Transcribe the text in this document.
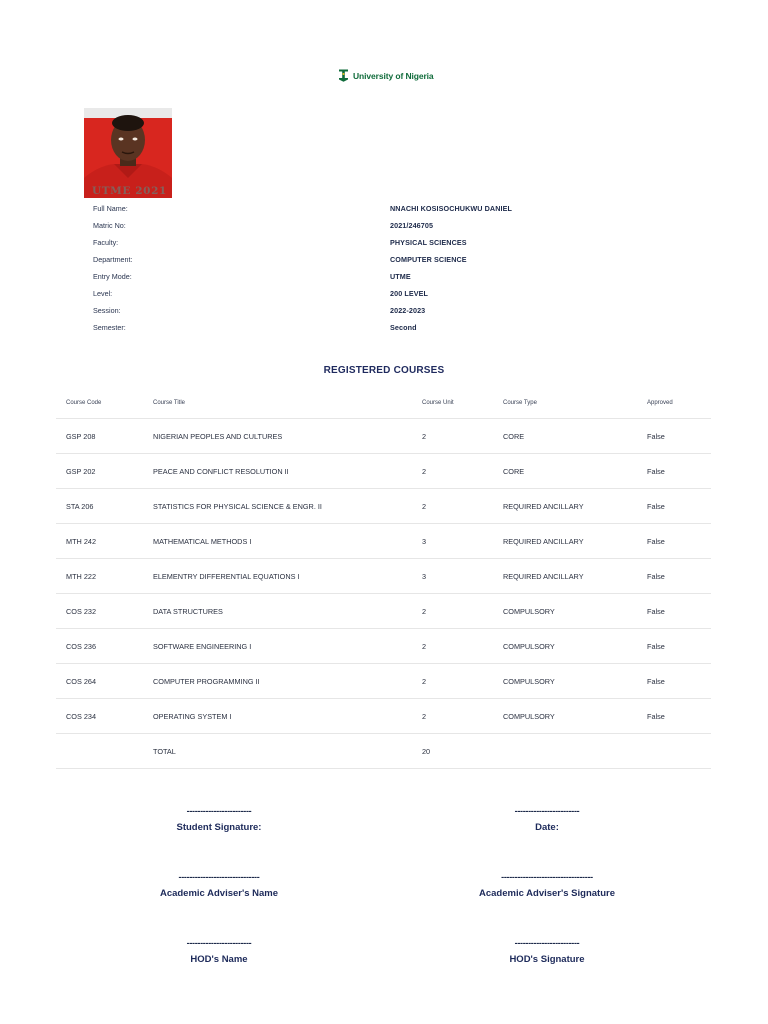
University of Nigeria
UTME 2021
Full Name:	NNACHI KOSISOCHUKWU DANIEL
Matric No:	2021/246705
Faculty:	PHYSICAL SCIENCES
Department:	COMPUTER SCIENCE
Entry Mode:	UTME
Level:	200 LEVEL
Session:	2022-2023
Semester:	Second
REGISTERED COURSES
Course Code	Course Title	Course Unit	Course Type	Approved
GSP 208	NIGERIAN PEOPLES AND CULTURES	2	CORE	False
GSP 202	PEACE AND CONFLICT RESOLUTION II	2	CORE	False
STA 206	STATISTICS FOR PHYSICAL SCIENCE & ENGR. II	2	REQUIRED ANCILLARY	False
MTH 242	MATHEMATICAL METHODS I	3	REQUIRED ANCILLARY	False
MTH 222	ELEMENTRY DIFFERENTIAL EQUATIONS I	3	REQUIRED ANCILLARY	False
COS 232	DATA STRUCTURES	2	COMPULSORY	False
COS 236	SOFTWARE ENGINEERING I	2	COMPULSORY	False
COS 264	COMPUTER PROGRAMMING II	2	COMPULSORY	False
COS 234	OPERATING SYSTEM I	2	COMPULSORY	False
	TOTAL	20		
------------------------
Student Signature:
------------------------
Date:
------------------------------
Academic Adviser's Name
----------------------------------
Academic Adviser's Signature
------------------------
HOD's Name
------------------------
HOD's Signature
